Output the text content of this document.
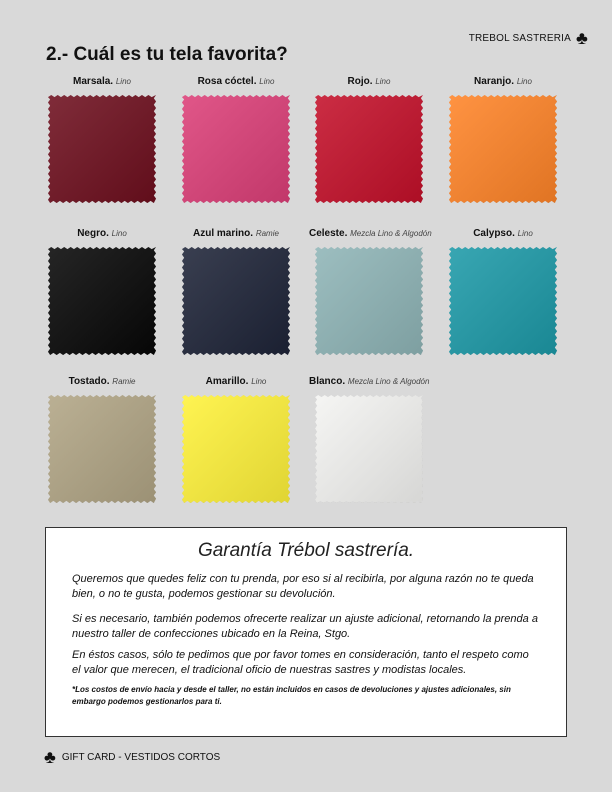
TREBOL SASTRERIA ♣
2.- Cuál es tu tela favorita?
Marsala. Lino	Rosa cóctel. Lino	Rojo. Lino	Naranjo. Lino
Negro. Lino	Azul marino. Ramie	Celeste. Mezcla Lino & Algodón	Calypso. Lino
Tostado. Ramie	Amarillo. Lino	Blanco. Mezcla Lino & Algodón

Garantía Trébol sastrería.

Queremos que quedes feliz con tu prenda, por eso si al recibirla, por alguna razón no te queda bien, o no te gusta, podemos gestionar su devolución.

Si es necesario, también podemos ofrecerte realizar un ajuste adicional, retornando la prenda a nuestro taller de confecciones ubicado en la Reina, Stgo.

En éstos casos, sólo te pedimos que por favor tomes en consideración, tanto el respeto como el valor que merecen, el tradicional oficio de nuestras sastres y modistas locales.

*Los costos de envío hacia y desde el taller, no están incluidos en casos de devoluciones y ajustes adicionales, sin embargo podemos gestionarlos para ti.

♣ GIFT CARD - VESTIDOS CORTOS
